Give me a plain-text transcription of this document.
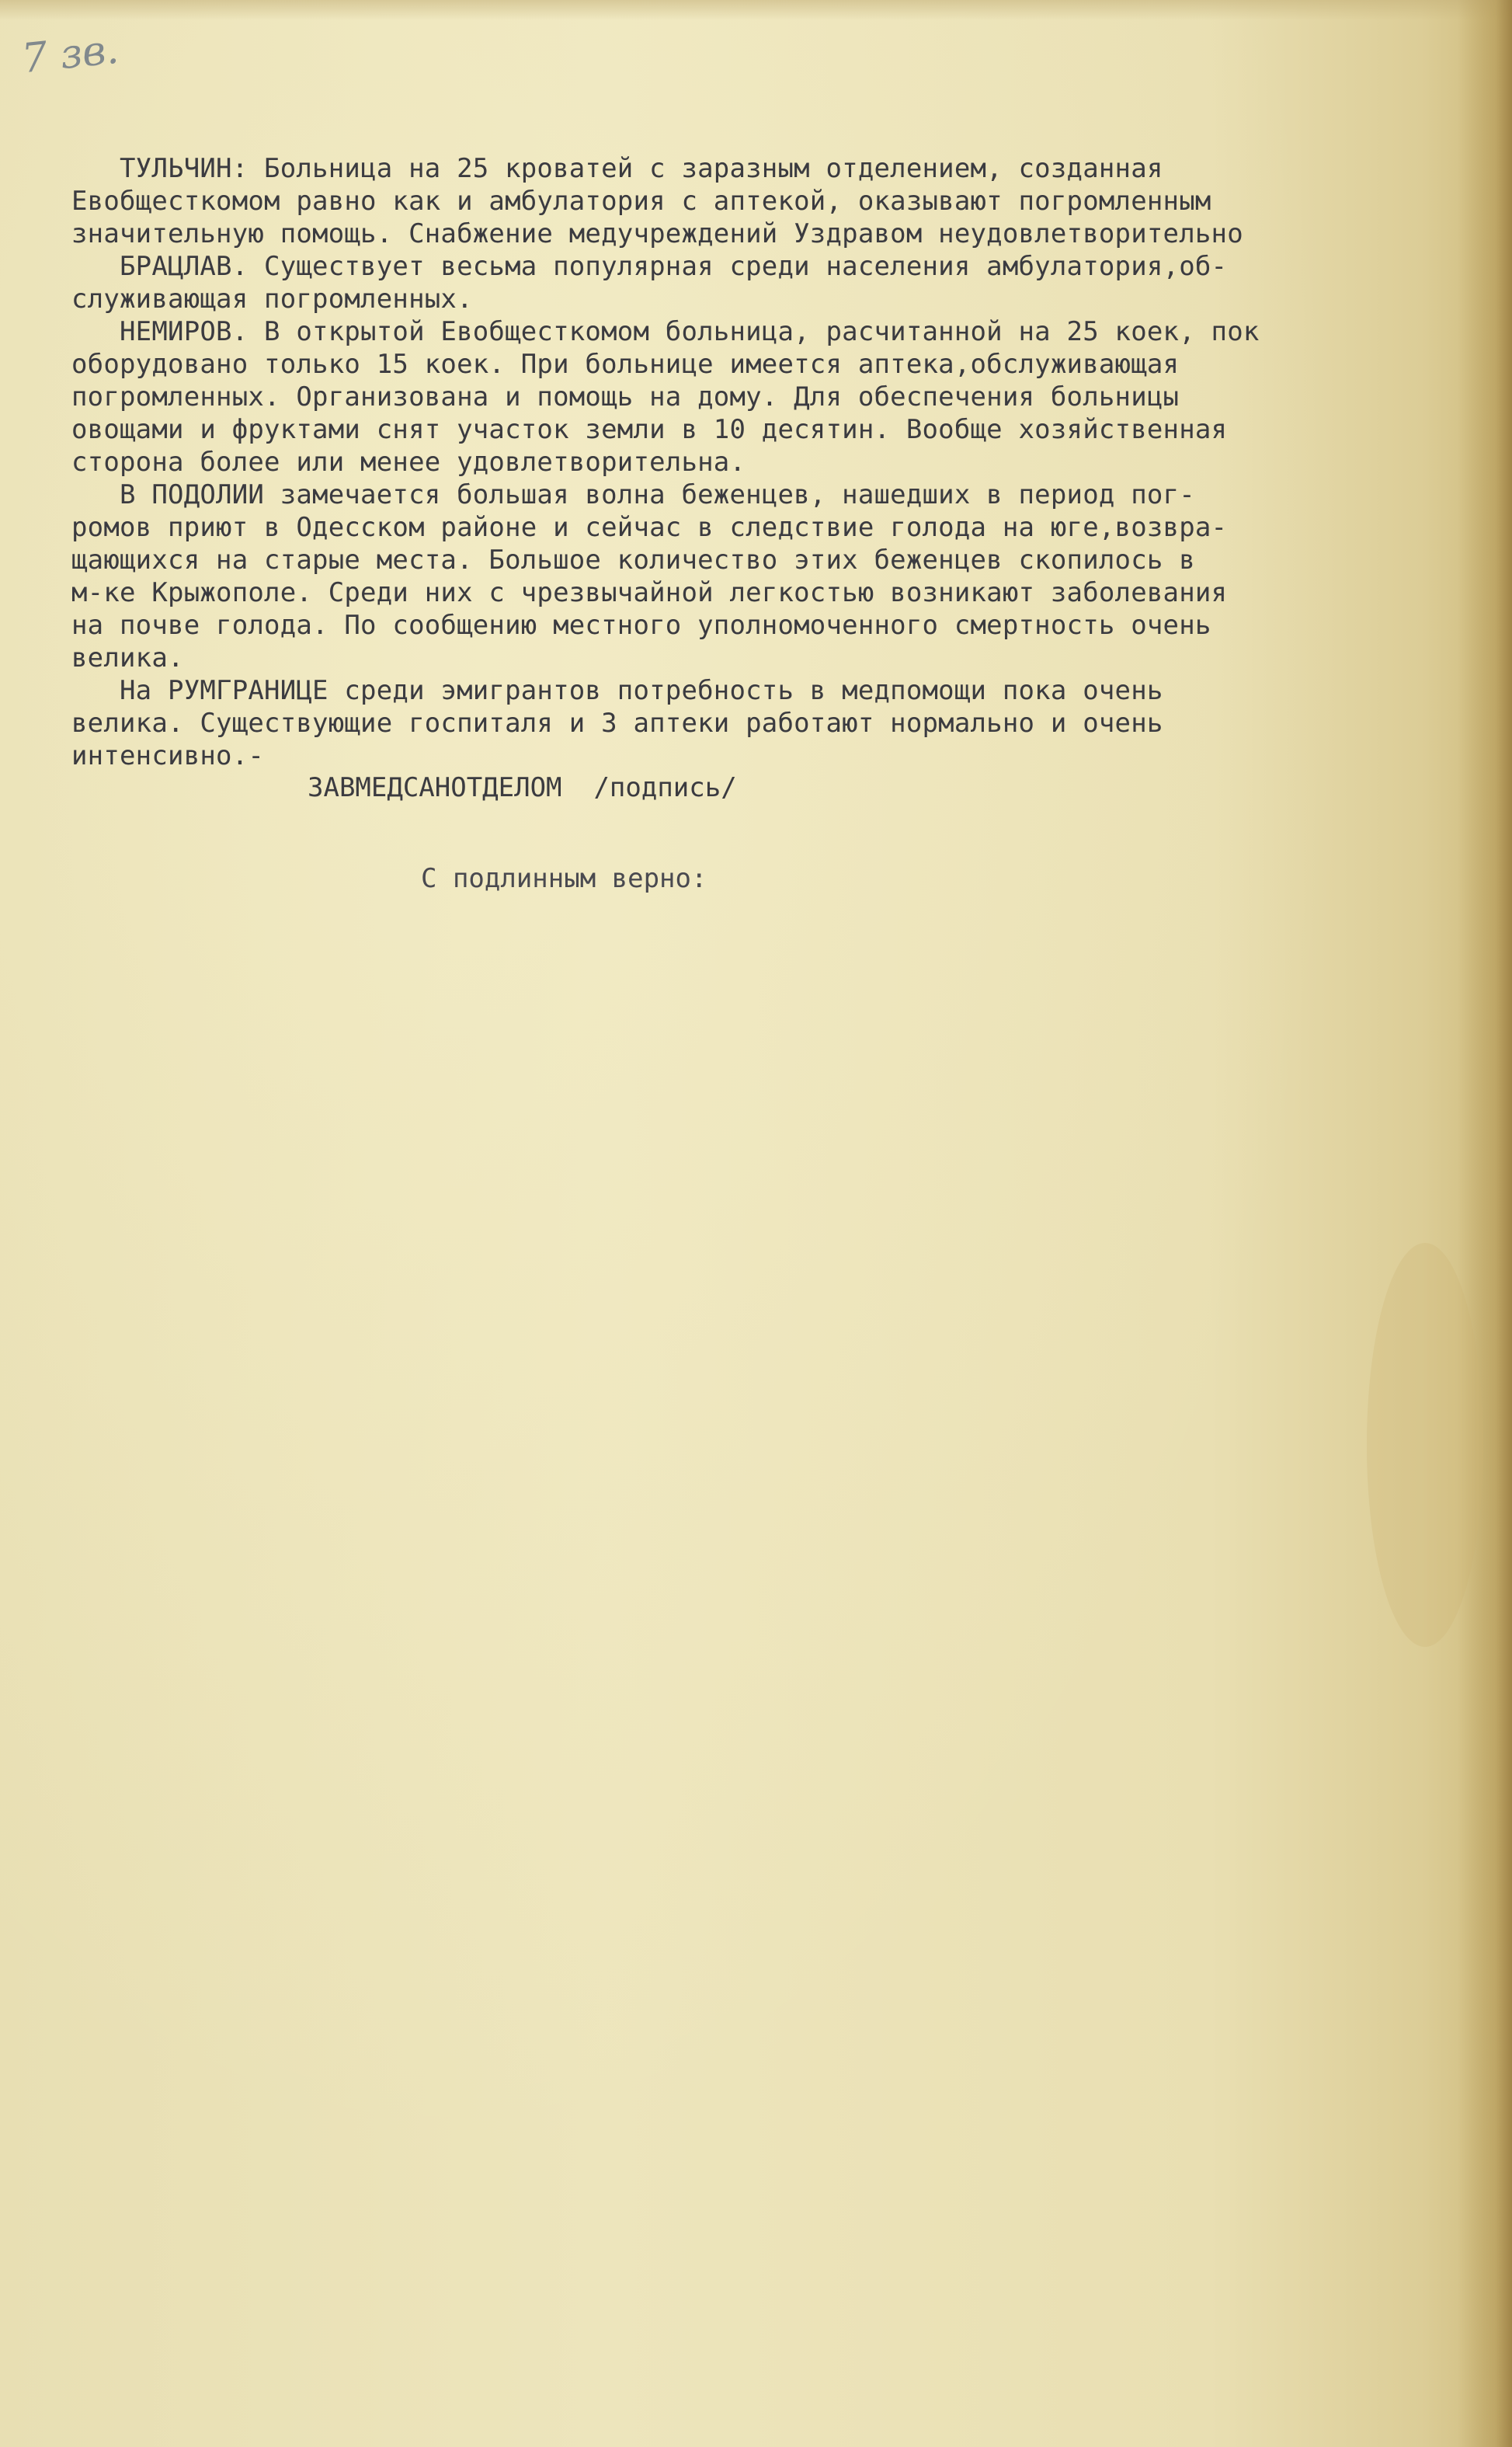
7 зв.
ТУЛЬЧИН: Больница на 25 кроватей с заразным отделением, созданная
Евобщесткомом равно как и амбулатория с аптекой, оказывают погромленным
значительную помощь. Снабжение медучреждений Уздравом неудовлетворительно
БРАЦЛАВ. Существует весьма популярная среди населения амбулатория,об-
служивающая погромленных.
НЕМИРОВ. В открытой Евобщесткомом больница, расчитанной на 25 коек, пок
оборудовано только 15 коек. При больнице имеется аптека,обслуживающая
погромленных. Организована и помощь на дому. Для обеспечения больницы
овощами и фруктами снят участок земли в 10 десятин. Вообще хозяйственная
сторона более или менее удовлетворительна.
В ПОДОЛИИ замечается большая волна беженцев, нашедших в период пог-
ромов приют в Одесском районе и сейчас в следствие голода на юге,возвра-
щающихся на старые места. Большое количество этих беженцев скопилось в
м-ке Крыжополе. Среди них с чрезвычайной легкостью возникают заболевания
на почве голода. По сообщению местного уполномоченного смертность очень
велика.
На РУМГРАНИЦЕ среди эмигрантов потребность в медпомощи пока очень
велика. Существующие госпиталя и 3 аптеки работают нормально и очень
интенсивно.-
ЗАВМЕДСАНОТДЕЛОМ  /подпись/
С подлинным верно:
